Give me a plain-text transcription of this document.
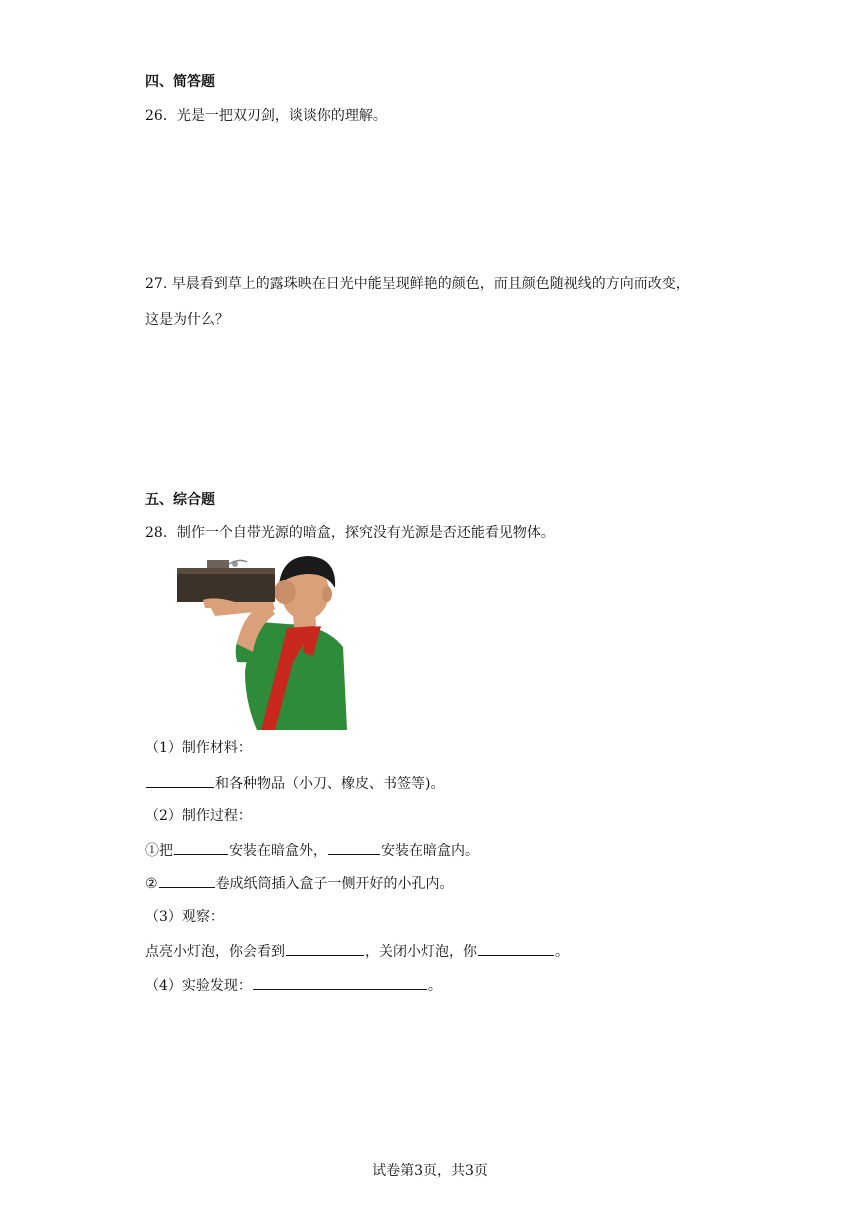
四、简答题
26．光是一把双刃剑，谈谈你的理解。
27. 早晨看到草上的露珠映在日光中能呈现鲜艳的颜色，而且颜色随视线的方向而改变，
这是为什么？
五、综合题
28．制作一个自带光源的暗盒，探究没有光源是否还能看见物体。
（1）制作材料：
和各种物品（小刀、橡皮、书签等)。
（2）制作过程：
①把	安装在暗盒外，	安装在暗盒内。
②	卷成纸筒插入盒子一侧开好的小孔内。
（3）观察：
点亮小灯泡，你会看到	，关闭小灯泡，你	。
（4）实验发现：	。
试卷第3页，共3页
